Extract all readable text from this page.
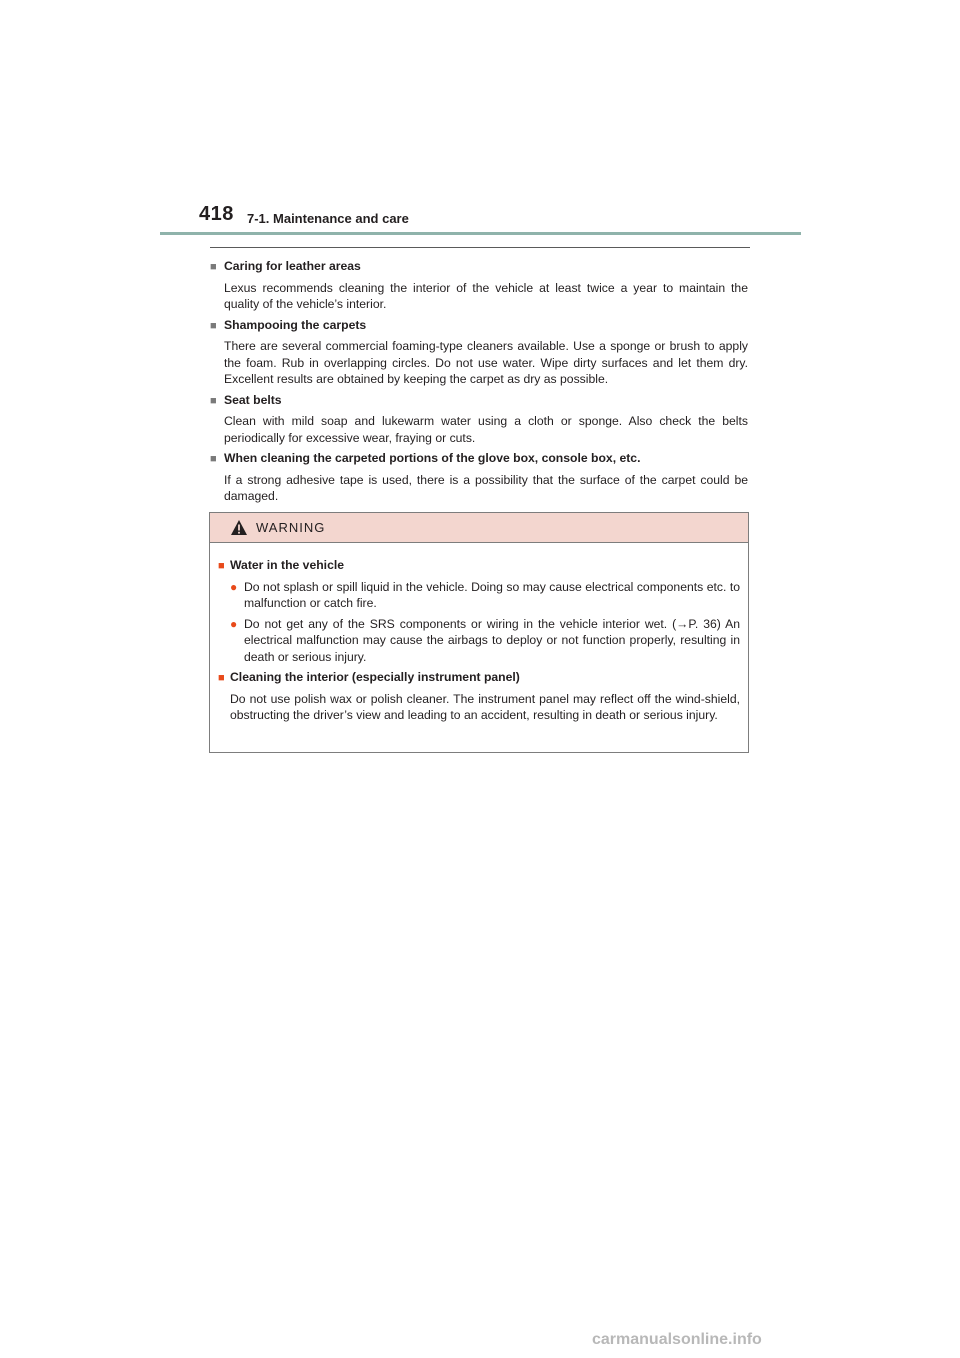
418 7-1. Maintenance and care
■ Caring for leather areas
Lexus recommends cleaning the interior of the vehicle at least twice a year to maintain the quality of the vehicle’s interior.
■ Shampooing the carpets
There are several commercial foaming-type cleaners available. Use a sponge or brush to apply the foam. Rub in overlapping circles. Do not use water. Wipe dirty surfaces and let them dry. Excellent results are obtained by keeping the carpet as dry as possible.
■ Seat belts
Clean with mild soap and lukewarm water using a cloth or sponge. Also check the belts periodically for excessive wear, fraying or cuts.
■ When cleaning the carpeted portions of the glove box, console box, etc.
If a strong adhesive tape is used, there is a possibility that the surface of the carpet could be damaged.
WARNING
■ Water in the vehicle
● Do not splash or spill liquid in the vehicle. Doing so may cause electrical components etc. to malfunction or catch fire.
● Do not get any of the SRS components or wiring in the vehicle interior wet. (→P. 36) An electrical malfunction may cause the airbags to deploy or not function properly, resulting in death or serious injury.
■ Cleaning the interior (especially instrument panel)
Do not use polish wax or polish cleaner. The instrument panel may reflect off the wind-shield, obstructing the driver’s view and leading to an accident, resulting in death or serious injury.
carmanualsonline.info
